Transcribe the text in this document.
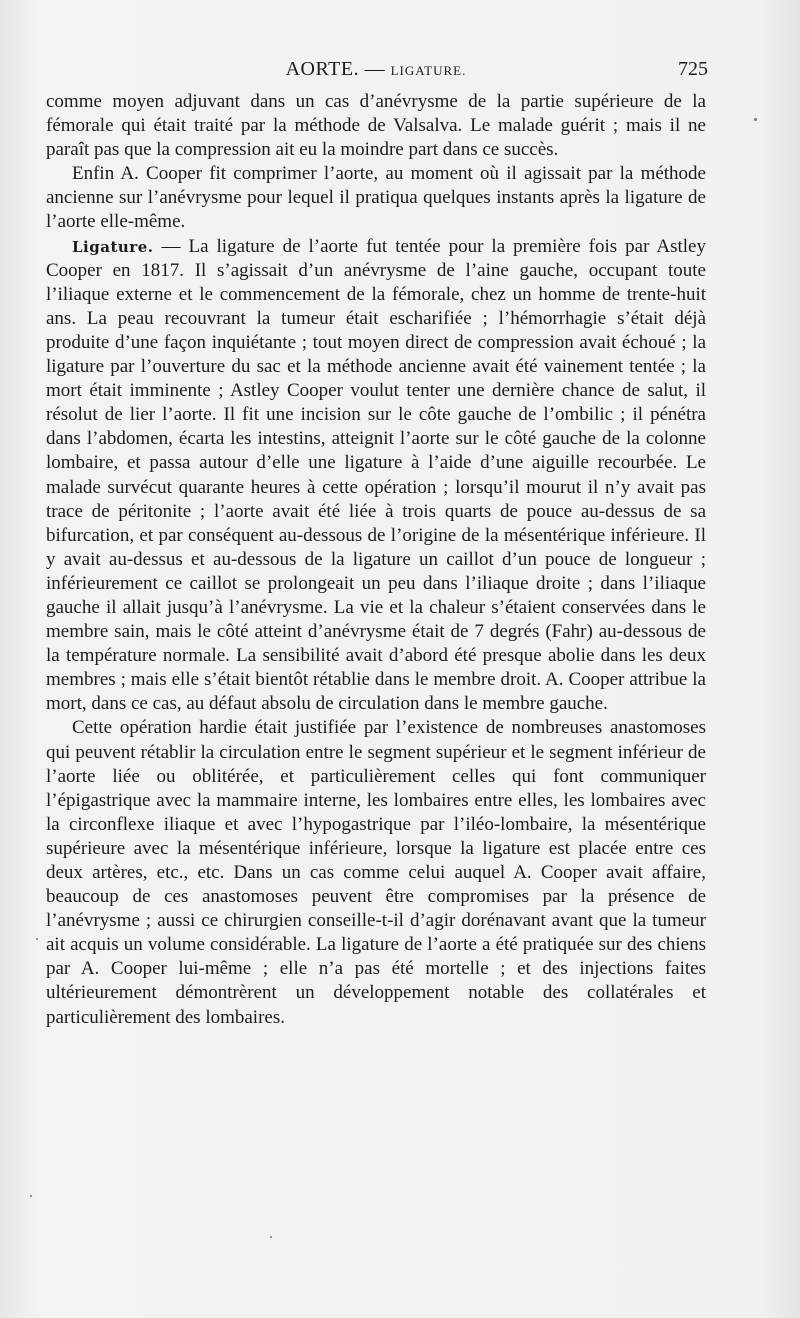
AORTE. — LIGATURE.	725

comme moyen adjuvant dans un cas d’anévrysme de la partie supérieure de la fémorale qui était traité par la méthode de Valsalva. Le malade guérit ; mais il ne paraît pas que la compression ait eu la moindre part dans ce succès.

Enfin A. Cooper fit comprimer l’aorte, au moment où il agissait par la méthode ancienne sur l’anévrysme pour lequel il pratiqua quelques instants après la ligature de l’aorte elle-même.

Ligature. — La ligature de l’aorte fut tentée pour la première fois par Astley Cooper en 1817. Il s’agissait d’un anévrysme de l’aine gauche, occupant toute l’iliaque externe et le commencement de la fémorale, chez un homme de trente-huit ans. La peau recouvrant la tumeur était escharifiée ; l’hémorrhagie s’était déjà produite d’une façon inquiétante ; tout moyen direct de compression avait échoué ; la ligature par l’ouverture du sac et la méthode ancienne avait été vainement tentée ; la mort était imminente ; Astley Cooper voulut tenter une dernière chance de salut, il résolut de lier l’aorte. Il fit une incision sur le côte gauche de l’ombilic ; il pénétra dans l’abdomen, écarta les intestins, atteignit l’aorte sur le côté gauche de la colonne lombaire, et passa autour d’elle une ligature à l’aide d’une aiguille recourbée. Le malade survécut quarante heures à cette opération ; lorsqu’il mourut il n’y avait pas trace de péritonite ; l’aorte avait été liée à trois quarts de pouce au-dessus de sa bifurcation, et par conséquent au-dessous de l’origine de la mésentérique inférieure. Il y avait au-dessus et au-dessous de la ligature un caillot d’un pouce de longueur ; inférieurement ce caillot se prolongeait un peu dans l’iliaque droite ; dans l’iliaque gauche il allait jusqu’à l’anévrysme. La vie et la chaleur s’étaient conservées dans le membre sain, mais le côté atteint d’anévrysme était de 7 degrés (Fahr) au-dessous de la température normale. La sensibilité avait d’abord été presque abolie dans les deux membres ; mais elle s’était bientôt rétablie dans le membre droit. A. Cooper attribue la mort, dans ce cas, au défaut absolu de circulation dans le membre gauche.

Cette opération hardie était justifiée par l’existence de nombreuses anastomoses qui peuvent rétablir la circulation entre le segment supérieur et le segment inférieur de l’aorte liée ou oblitérée, et particulièrement celles qui font communiquer l’épigastrique avec la mammaire interne, les lombaires entre elles, les lombaires avec la circonflexe iliaque et avec l’hypogastrique par l’iléo-lombaire, la mésentérique supérieure avec la mésentérique inférieure, lorsque la ligature est placée entre ces deux artères, etc., etc. Dans un cas comme celui auquel A. Cooper avait affaire, beaucoup de ces anastomoses peuvent être compromises par la présence de l’anévrysme ; aussi ce chirurgien conseille-t-il d’agir dorénavant avant que la tumeur ait acquis un volume considérable. La ligature de l’aorte a été pratiquée sur des chiens par A. Cooper lui-même ; elle n’a pas été mortelle ; et des injections faites ultérieurement démontrèrent un développement notable des collatérales et particulièrement des lombaires.
